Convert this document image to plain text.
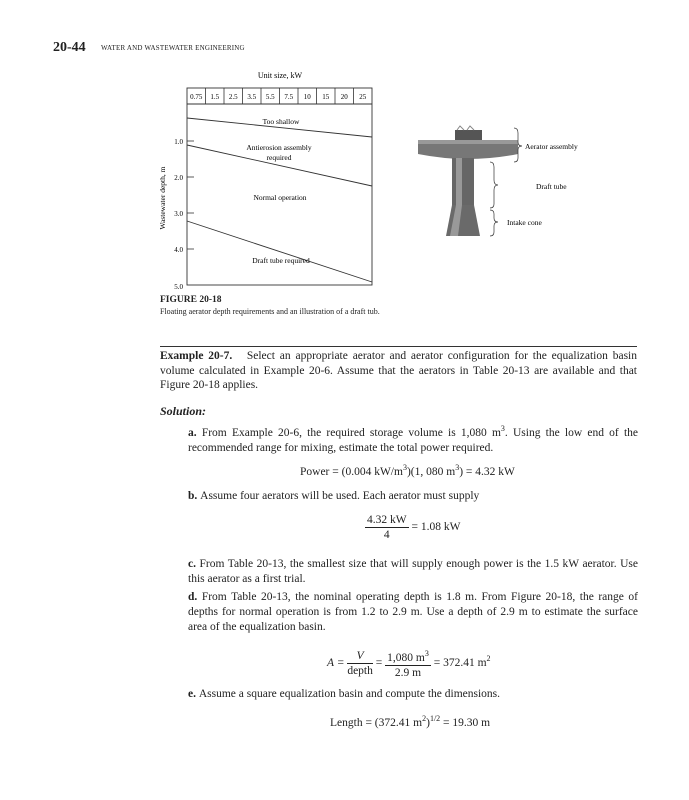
20-44 WATER AND WASTEWATER ENGINEERING
Unit size, kW
0.75 1.5 2.5 3.5 5.5 7.5 10 15 20 25
1.0
2.0
3.0
4.0
5.0
Wastewater depth, m
Too shallow
Antierosion assembly
required
Normal operation
Draft tube required
Aerator assembly
Draft tube
Intake cone
FIGURE 20-18
Floating aerator depth requirements and an illustration of a draft tub.
Example 20-7. Select an appropriate aerator and aerator configuration for the equalization basin volume calculated in Example 20-6. Assume that the aerators in Table 20-13 are available and that Figure 20-18 applies.
Solution:
a. From Example 20-6, the required storage volume is 1,080 $m^3$. Using the low end of the recommended range for mixing, estimate the total power required.
Power = (0.004 $kW/m^3)(1$, 080 $m^3) = 4.32$ kW
b. Assume four aerators will be used. Each aerator must supply
$\frac{4.32 kW}{4} = 1.08$ kW
c. From Table 20-13, the smallest size that will supply enough power is the 1.5 kW aerator. Use this aerator as a first trial.
d. From Table 20-13, the nominal operating depth is 1.8 m. From Figure 20-18, the range of depths for normal operation is from 1.2 to 2.9 m. Use a depth of 2.9 m to estimate the surface area of the equalization basin.
$A = \frac{V}{\text{depth}} = \frac{1,080 m^3}{2.9 m} = 372.41$ $m^2$
e. Assume a square equalization basin and compute the dimensions.
Length = (372.41 $m^2)^{1/2} = 19.30$ m
